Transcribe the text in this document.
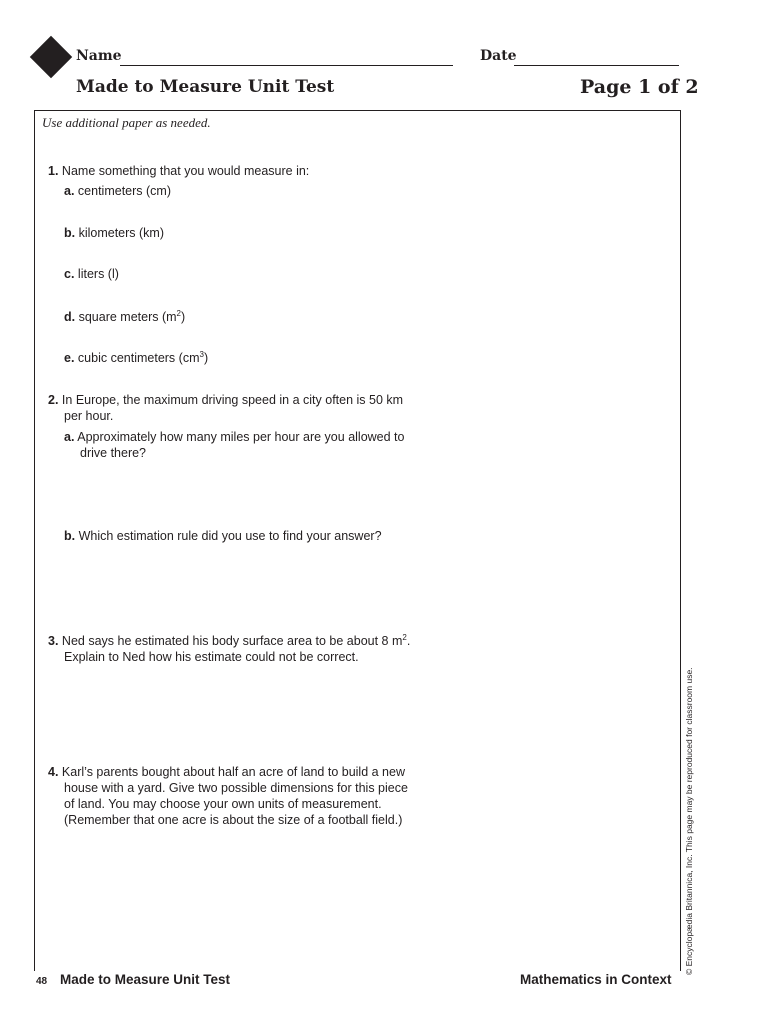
Name	Date
Made to Measure Unit Test	Page 1 of 2
Use additional paper as needed.
1. Name something that you would measure in:
a. centimeters (cm)
b. kilometers (km)
c. liters (l)
d. square meters $(m^2)$
e. cubic centimeters $(cm^3)$
2. In Europe, the maximum driving speed in a city often is 50 km
per hour.
a. Approximately how many miles per hour are you allowed to
drive there?
b. Which estimation rule did you use to find your answer?
3. Ned says he estimated his body surface area to be about 8 $m^2$.
Explain to Ned how his estimate could not be correct.
4. Karl’s parents bought about half an acre of land to build a new
house with a yard. Give two possible dimensions for this piece
of land. You may choose your own units of measurement.
(Remember that one acre is about the size of a football field.)	© Encyclopædia Britannica, Inc. This page may be reproduced for classroom use.
48 Made to Measure Unit Test	Mathematics in Context
